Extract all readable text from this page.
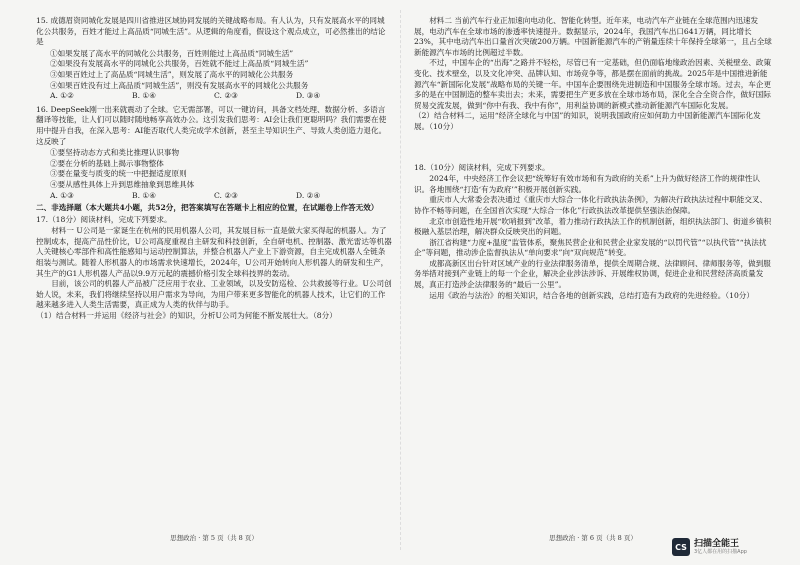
15. 成德眉资同城化发展是四川省推进区域协同发展的关键战略布局。有人认为，只有发展高水平的同城化公共服务，百姓才能过上高品质“同城生活”。从逻辑的角度看，假设这个观点成立，可必然推出的结论是

①如果发展了高水平的同城化公共服务，百姓则能过上高品质“同城生活”
②如果没有发展高水平的同城化公共服务，百姓就不能过上高品质“同城生活”
③如果百姓过上了高品质“同城生活”，则发展了高水平的同城化公共服务
④如果百姓没有过上高品质“同城生活”，则没有发展高水平的同城化公共服务
A. ①②	B. ①④	C. ②③	D. ③④

16. DeepSeek刚一出来就震动了全球。它无需部署，可以一键访问，具备文档处理、数据分析、多语言翻译等技能，让人们可以随时随地畅享高效办公。这引发我们思考：AI会让我们更聪明吗？我们需要在使用中提升自我，在深入思考：AI能否取代人类完成学术创新，甚至主导知识生产、导致人类创造力退化。这反映了

①要坚持动态方式和类比推理认识事物
②要在分析的基础上揭示事物整体
③要在量变与质变的统一中把握适度原则
④要从感性具体上升到思维抽象到思维具体
A. ①③	B. ①④	C. ②③	D. ②④

二、非选择题（本大题共4小题，共52分，把答案填写在答题卡上相应的位置，在试题卷上作答无效）

17.（18分）阅读材料，完成下列要求。

材料一 U公司是一家诞生在杭州的民用机器人公司，其发展目标一直是做大家买得起的机器人。为了控制成本，提高产品性价比，U公司高度重视自主研发和科技创新，全自研电机、控制器、激光雷达等机器人关键核心零部件和高性能感知与运动控制算法，并整合机器人产业上下游资源，自主完成机器人全链条组装与测试。随着人形机器人的市场需求快速增长，2024年，U公司开始转向人形机器人的研发和生产，其生产的G1人形机器人产品以9.9万元起的震撼价格引发全球科技界的轰动。

目前，该公司的机器人产品被广泛应用于农业、工业领域，以及安防巡检、公共救援等行业。U公司创始人说，未来，我们将继续坚持以用户需求为导向，为用户带来更多智能化的机器人技术，让它们的工作越来越多进入人类生活需要，真正成为人类的伙伴与助手。

（1）结合材料一并运用《经济与社会》的知识，分析U公司为何能不断发展壮大。（8分）

思想政治 · 第 5 页（共 8 页）

材料二 当前汽车行业正加速向电动化、智能化转型。近年来，电动汽车产业链在全球范围内迅速发展，电动汽车在全球市场的渗透率快速提升。数据显示，2024年，我国汽车出口641万辆，同比增长23%，其中电动汽车出口量首次突破200万辆。中国新能源汽车的产销量连续十年保持全球第一，且占全球新能源汽车市场的比例超过半数。

不过，中国车企的“出海”之路并不轻松，尽管已有一定基础，但仍面临地缘政治因素、关税壁垒、政策变化、技术壁垒，以及文化冲突、品牌认知、市场竞争等，都是摆在面前的挑战。2025年是中国推进新能源汽车“新国际化发展”战略布局的关键一年。中国车企要围绕先进制造和中国服务全球市场。过去，车企更多的是在中国制造的整车卖出去；未来，需要把生产更多放在全球市场布局，深化全合全资合作，做好国际贸易交流发展，做到“你中有我、我中有你”，用利益协调的新模式推动新能源汽车国际化发展。

（2）结合材料二，运用“经济全球化与中国”的知识，说明我国政府应如何助力中国新能源汽车国际化发展。（10分）

18.（10分）阅读材料，完成下列要求。

2024年，中央经济工作会议把“统筹好有效市场和有为政府的关系”上升为做好经济工作的规律性认识。各地围绕“打造‘有为政府’”积极开展创新实践。

重庆市人大常委会表决通过《重庆市大综合一体化行政执法条例》，为解决行政执法过程中职能交叉、协作不畅等问题，在全国首次实现“大综合一体化”行政执法改革提供坚强法治保障。

北京市创造性地开展“吹哨报到”改革，着力推动行政执法工作的机制创新，组织执法部门、街道乡镇积极融入基层治理，解决群众反映突出的问题。

浙江省构建“力度+温度”监管体系，聚焦民营企业和民营企业家发展的“以罚代管”“以执代管”“执法扰企”等问题，推动涉企监督执法从“单向要求”向“双向规范”转变。

成都高新区出台针对区域产业的行业法律服务清单，提供全周期合规、法律顾问、律师服务等，做到服务举措对接到产业链上的每一个企业，解决企业涉法涉诉、开展维权协调，促进企业和民营经济高质量发展，真正打造涉企法律服务的“最后一公里”。

运用《政治与法治》的相关知识，结合各地的创新实践，总结打造有为政府的先进经验。（10分）

思想政治 · 第 6 页（共 8 页）
CS 扫描全能王
3亿人都在用的扫描App
